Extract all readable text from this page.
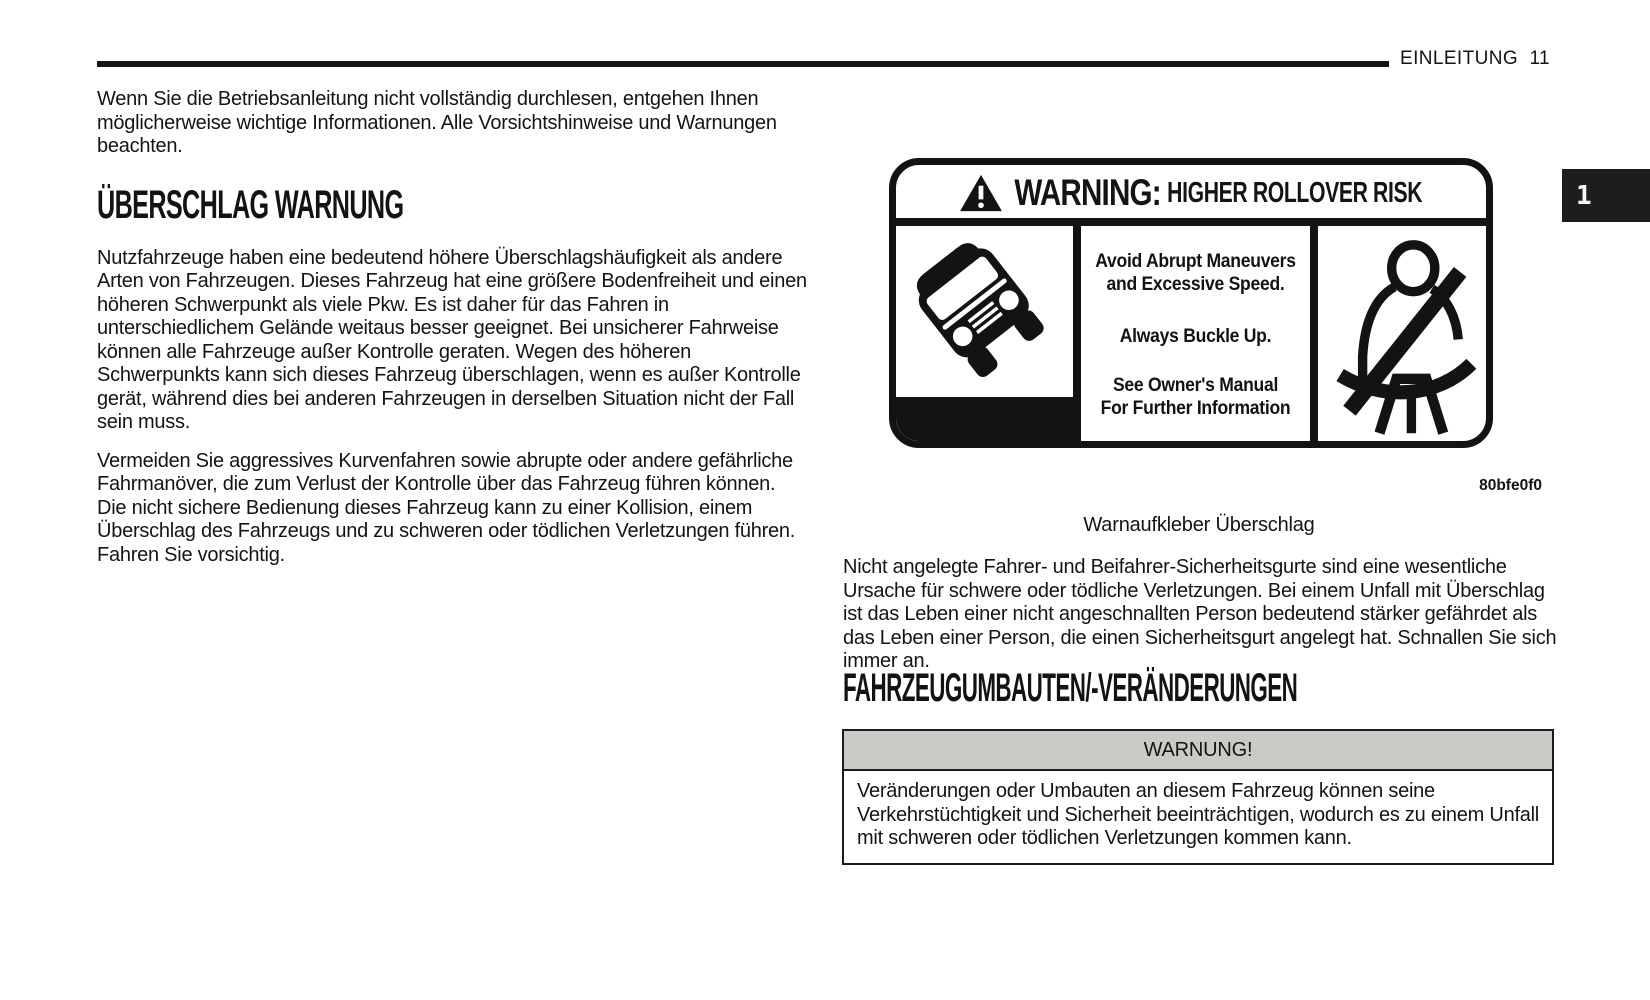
EINLEITUNG 11
1

Wenn Sie die Betriebsanleitung nicht vollständig durchlesen, entgehen Ihnen möglicherweise wichtige Informationen. Alle Vorsichtshinweise und Warnungen beachten.

ÜBERSCHLAG WARNUNG

Nutzfahrzeuge haben eine bedeutend höhere Überschlagshäufigkeit als andere Arten von Fahrzeugen. Dieses Fahrzeug hat eine größere Bodenfreiheit und einen höheren Schwerpunkt als viele Pkw. Es ist daher für das Fahren in unterschiedlichem Gelände weitaus besser geeignet. Bei unsicherer Fahrweise können alle Fahrzeuge außer Kontrolle geraten. Wegen des höheren Schwerpunkts kann sich dieses Fahrzeug überschlagen, wenn es außer Kontrolle gerät, während dies bei anderen Fahrzeugen in derselben Situation nicht der Fall sein muss.

Vermeiden Sie aggressives Kurvenfahren sowie abrupte oder andere gefährliche Fahrmanöver, die zum Verlust der Kontrolle über das Fahrzeug führen können. Die nicht sichere Bedienung dieses Fahrzeug kann zu einer Kollision, einem Überschlag des Fahrzeugs und zu schweren oder tödlichen Verletzungen führen. Fahren Sie vorsichtig.

WARNING: HIGHER ROLLOVER RISK
Avoid Abrupt Maneuvers
and Excessive Speed.
Always Buckle Up.
See Owner's Manual
For Further Information
80bfe0f0
Warnaufkleber Überschlag

Nicht angelegte Fahrer- und Beifahrer-Sicherheitsgurte sind eine wesentliche Ursache für schwere oder tödliche Verletzungen. Bei einem Unfall mit Überschlag ist das Leben einer nicht angeschnallten Person bedeutend stärker gefährdet als das Leben einer Person, die einen Sicherheitsgurt angelegt hat. Schnallen Sie sich immer an.

FAHRZEUGUMBAUTEN/-VERÄNDERUNGEN
WARNUNG!

Veränderungen oder Umbauten an diesem Fahrzeug können seine Verkehrstüchtigkeit und Sicherheit beeinträchtigen, wodurch es zu einem Unfall mit schweren oder tödlichen Verletzungen kommen kann.
